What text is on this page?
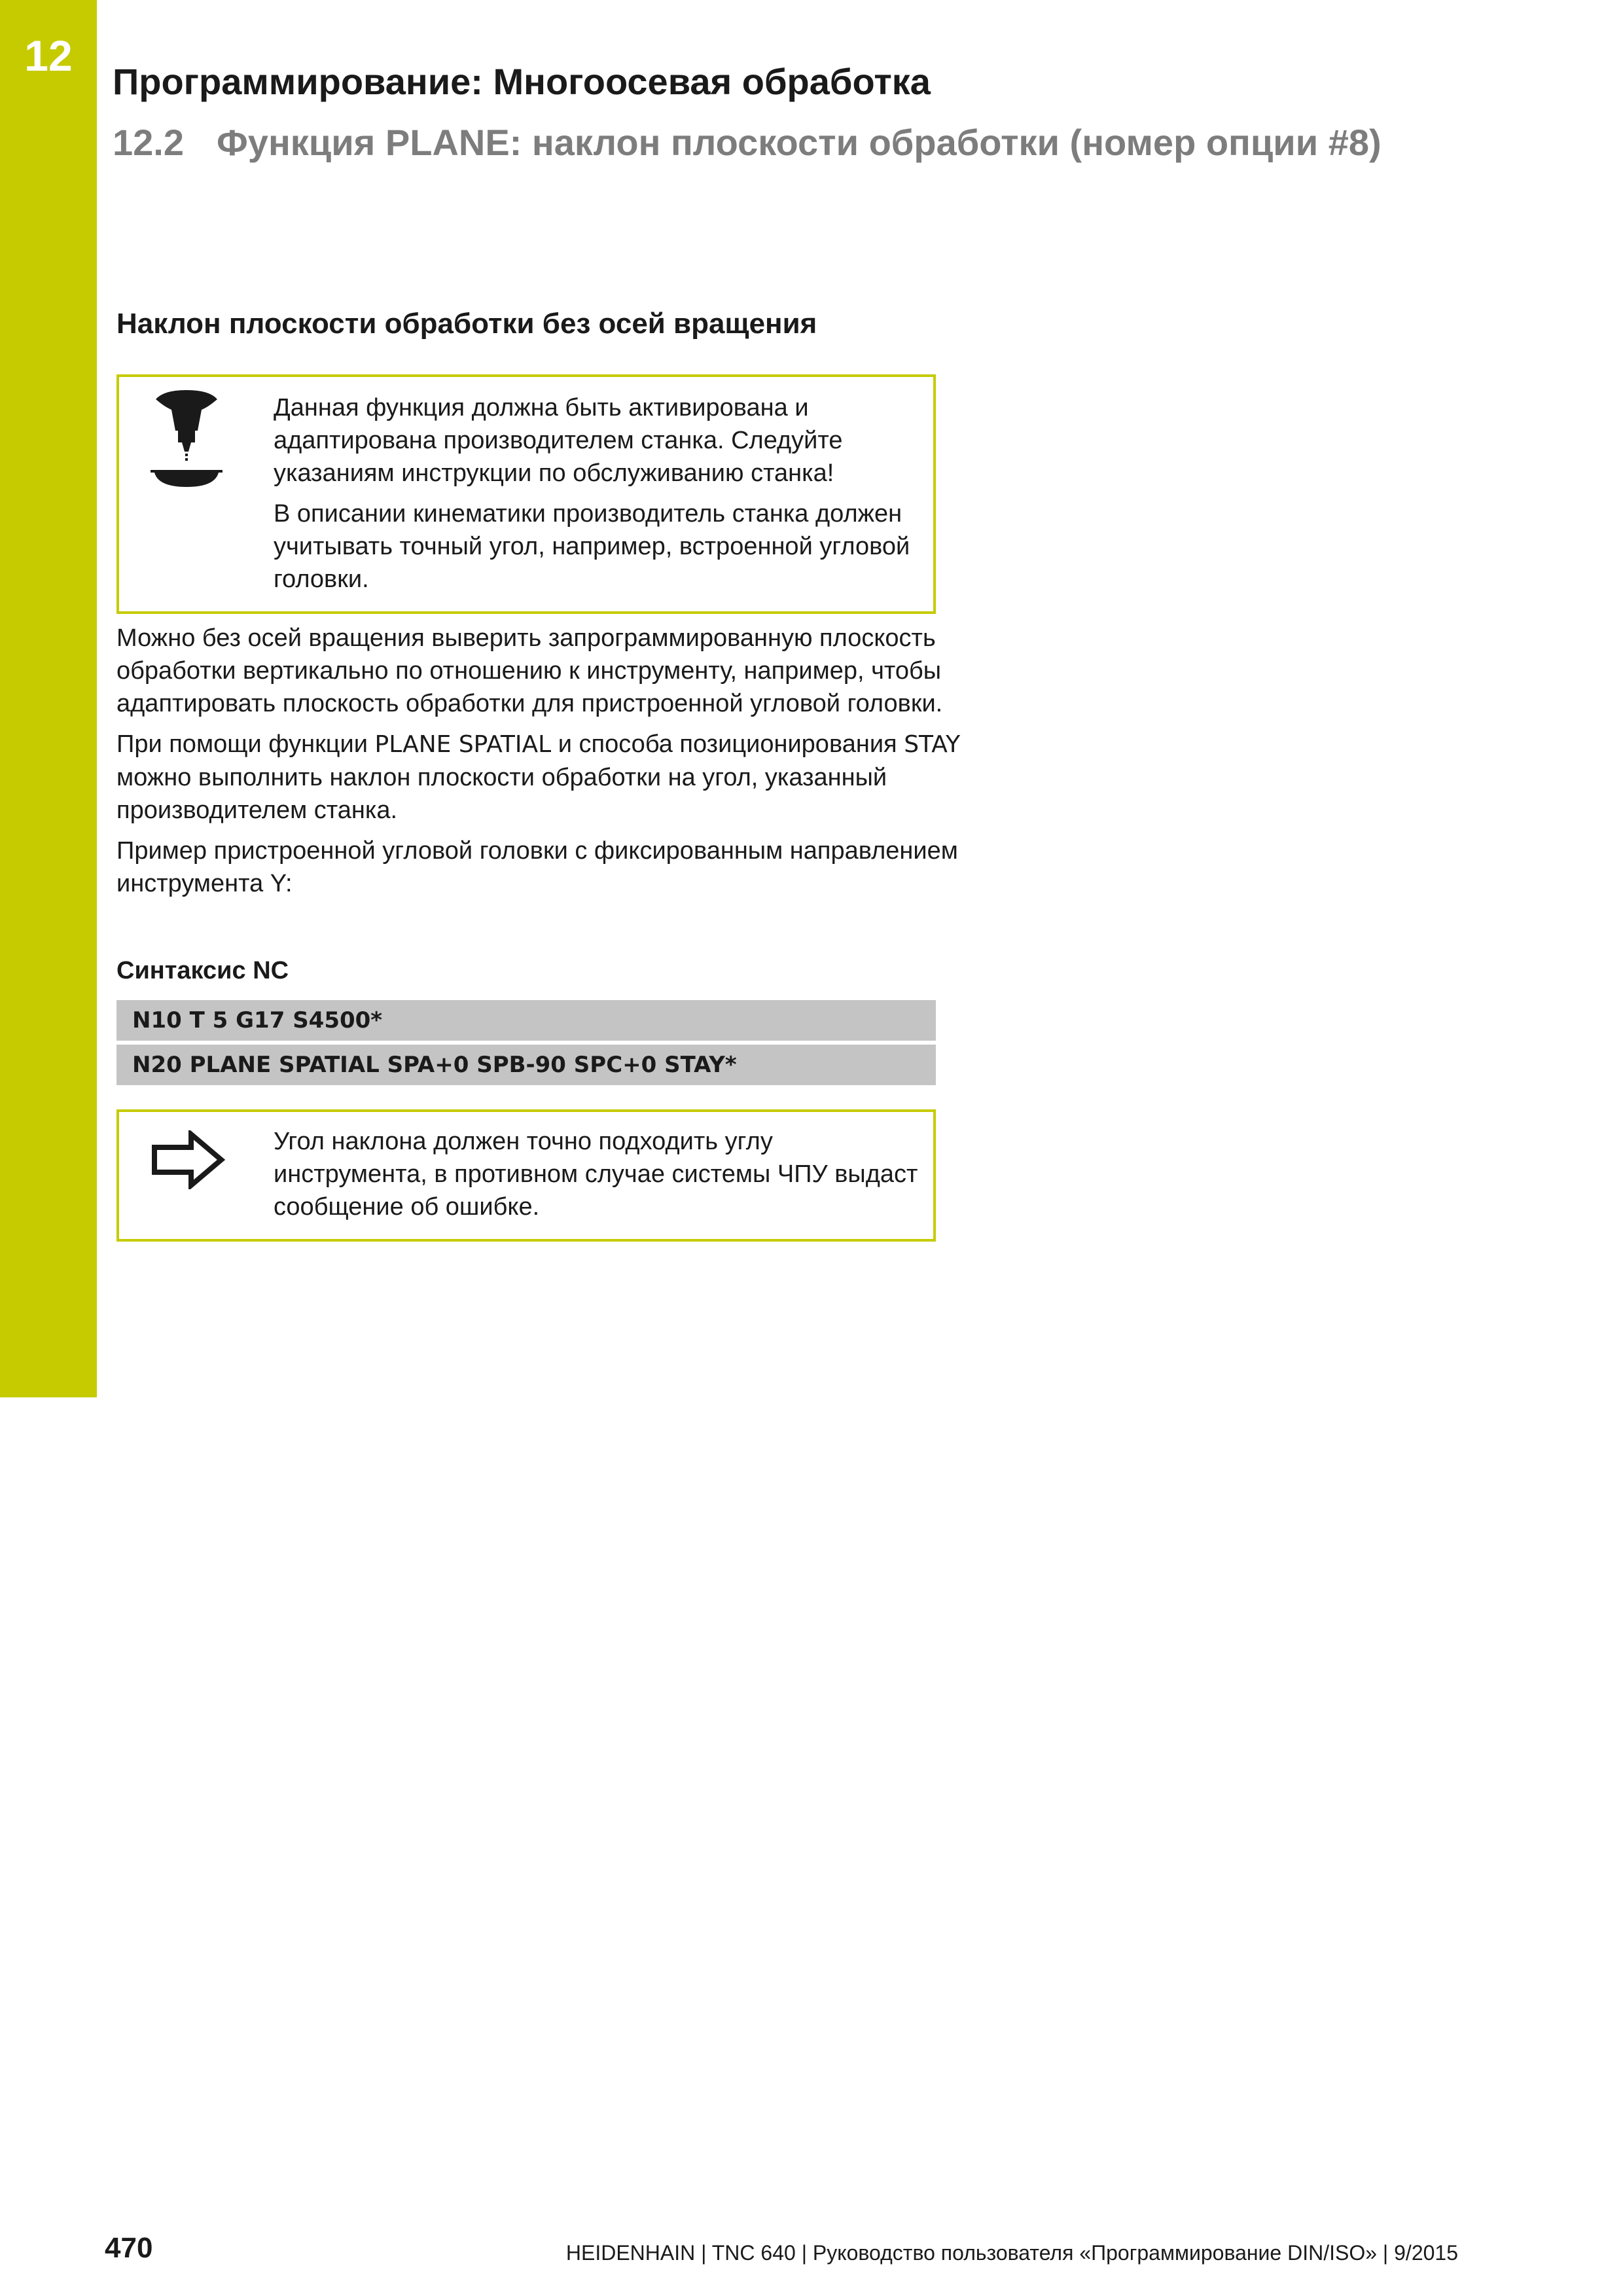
12
Программирование: Многоосевая обработка
12.2 Функция PLANE: наклон плоскости обработки (номер опции #8)
Наклон плоскости обработки без осей вращения

Данная функция должна быть активирована и адаптирована производителем станка. Следуйте указаниям инструкции по обслуживанию станка!

В описании кинематики производитель станка должен учитывать точный угол, например, встроенной угловой головки.

Можно без осей вращения выверить запрограммированную плоскость обработки вертикально по отношению к инструменту, например, чтобы адаптировать плоскость обработки для пристроенной угловой головки.

При помощи функции PLANE SPATIAL и способа позиционирования STAY можно выполнить наклон плоскости обработки на угол, указанный производителем станка.

Пример пристроенной угловой головки с фиксированным направлением инструмента Y:

Синтаксис NC
N10 T 5 G17 S4500*
N20 PLANE SPATIAL SPA+0 SPB-90 SPC+0 STAY*
Угол наклона должен точно подходить углу инструмента, в противном случае системы ЧПУ выдаст сообщение об ошибке.
470	HEIDENHAIN | TNC 640 | Руководство пользователя «Программирование DIN/ISO» | 9/2015
